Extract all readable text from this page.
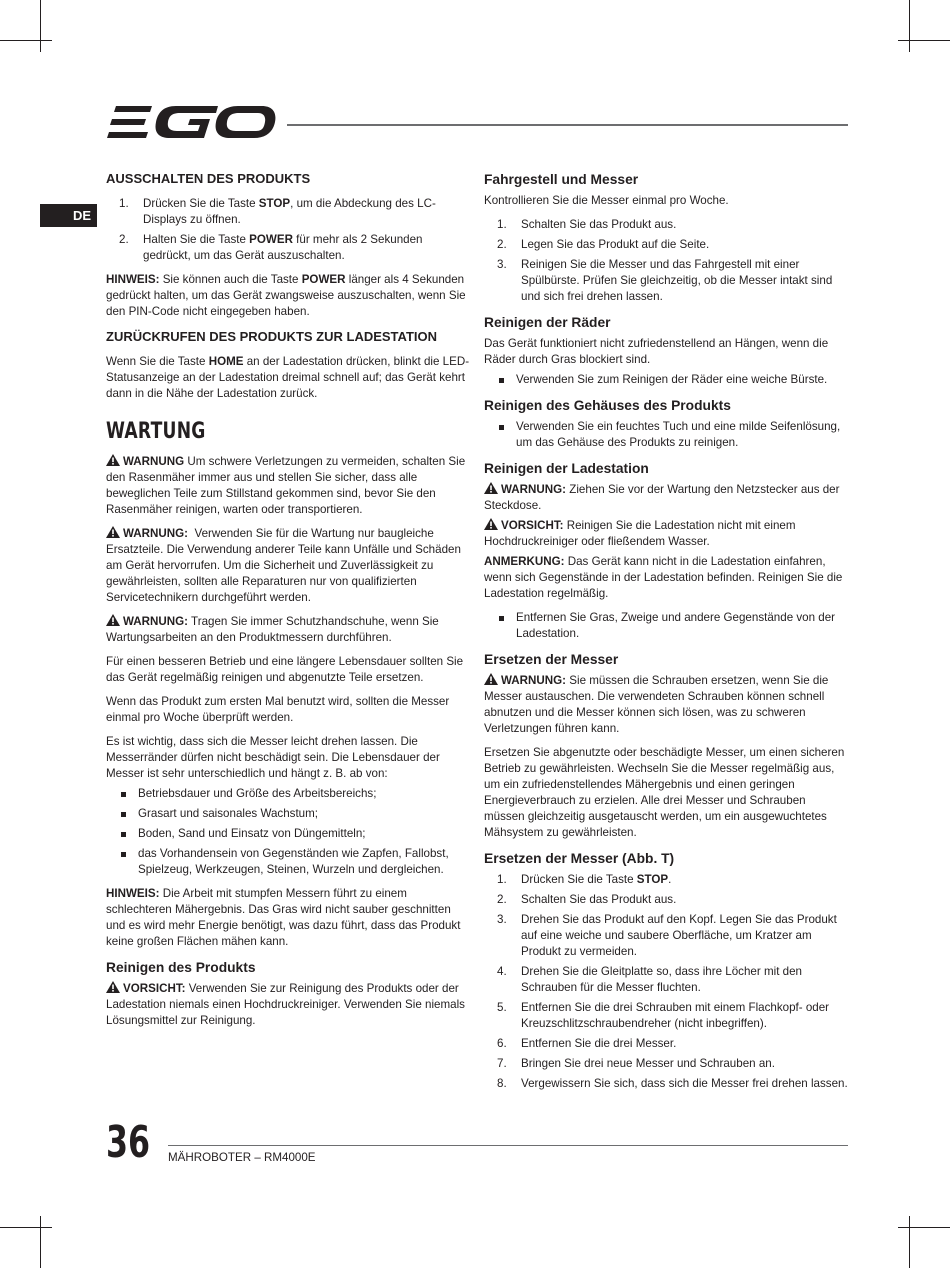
DE
AUSSCHALTEN DES PRODUKTS
1. Drücken Sie die Taste STOP, um die Abdeckung des LC-Displays zu öffnen.
2. Halten Sie die Taste POWER für mehr als 2 Sekunden gedrückt, um das Gerät auszuschalten.

HINWEIS: Sie können auch die Taste POWER länger als 4 Sekunden gedrückt halten, um das Gerät zwangsweise auszuschalten, wenn Sie den PIN-Code nicht eingegeben haben.

ZURÜCKRUFEN DES PRODUKTS ZUR LADESTATION

Wenn Sie die Taste HOME an der Ladestation drücken, blinkt die LED-Statusanzeige an der Ladestation dreimal schnell auf; das Gerät kehrt dann in die Nähe der Ladestation zurück.

WARTUNG

WARNUNG Um schwere Verletzungen zu vermeiden, schalten Sie den Rasenmäher immer aus und stellen Sie sicher, dass alle beweglichen Teile zum Stillstand gekommen sind, bevor Sie den Rasenmäher reinigen, warten oder transportieren.

WARNUNG:  Verwenden Sie für die Wartung nur baugleiche Ersatzteile. Die Verwendung anderer Teile kann Unfälle und Schäden am Gerät hervorrufen. Um die Sicherheit und Zuverlässigkeit zu gewährleisten, sollten alle Reparaturen nur von qualifizierten Servicetechnikern durchgeführt werden.

WARNUNG: Tragen Sie immer Schutzhandschuhe, wenn Sie Wartungsarbeiten an den Produktmessern durchführen.

Für einen besseren Betrieb und eine längere Lebensdauer sollten Sie das Gerät regelmäßig reinigen und abgenutzte Teile ersetzen.

Wenn das Produkt zum ersten Mal benutzt wird, sollten die Messer einmal pro Woche überprüft werden.

Es ist wichtig, dass sich die Messer leicht drehen lassen. Die Messerränder dürfen nicht beschädigt sein. Die Lebensdauer der Messer ist sehr unterschiedlich und hängt z. B. ab von:

Betriebsdauer und Größe des Arbeitsbereichs;
Grasart und saisonales Wachstum;
Boden, Sand und Einsatz von Düngemitteln;
das Vorhandensein von Gegenständen wie Zapfen, Fallobst, Spielzeug, Werkzeugen, Steinen, Wurzeln und dergleichen.

HINWEIS: Die Arbeit mit stumpfen Messern führt zu einem schlechteren Mähergebnis. Das Gras wird nicht sauber geschnitten und es wird mehr Energie benötigt, was dazu führt, dass das Produkt keine großen Flächen mähen kann.

Reinigen des Produkts

VORSICHT: Verwenden Sie zur Reinigung des Produkts oder der Ladestation niemals einen Hochdruckreiniger. Verwenden Sie niemals Lösungsmittel zur Reinigung.

Fahrgestell und Messer

Kontrollieren Sie die Messer einmal pro Woche.

1. Schalten Sie das Produkt aus.
2. Legen Sie das Produkt auf die Seite.
3. Reinigen Sie die Messer und das Fahrgestell mit einer Spülbürste. Prüfen Sie gleichzeitig, ob die Messer intakt sind und sich frei drehen lassen.
Reinigen der Räder

Das Gerät funktioniert nicht zufriedenstellend an Hängen, wenn die Räder durch Gras blockiert sind.

Verwenden Sie zum Reinigen der Räder eine weiche Bürste.
Reinigen des Gehäuses des Produkts
Verwenden Sie ein feuchtes Tuch und eine milde Seifenlösung, um das Gehäuse des Produkts zu reinigen.
Reinigen der Ladestation

WARNUNG: Ziehen Sie vor der Wartung den Netzstecker aus der Steckdose.

VORSICHT: Reinigen Sie die Ladestation nicht mit einem Hochdruckreiniger oder fließendem Wasser.

ANMERKUNG: Das Gerät kann nicht in die Ladestation einfahren, wenn sich Gegenstände in der Ladestation befinden. Reinigen Sie die Ladestation regelmäßig.

Entfernen Sie Gras, Zweige und andere Gegenstände von der Ladestation.
Ersetzen der Messer

WARNUNG: Sie müssen die Schrauben ersetzen, wenn Sie die Messer austauschen. Die verwendeten Schrauben können schnell abnutzen und die Messer können sich lösen, was zu schweren Verletzungen führen kann.

Ersetzen Sie abgenutzte oder beschädigte Messer, um einen sicheren Betrieb zu gewährleisten. Wechseln Sie die Messer regelmäßig aus, um ein zufriedenstellendes Mähergebnis und einen geringen Energieverbrauch zu erzielen. Alle drei Messer und Schrauben müssen gleichzeitig ausgetauscht werden, um ein ausgewuchtetes Mähsystem zu gewährleisten.

Ersetzen der Messer (Abb. T)
1. Drücken Sie die Taste STOP.
2. Schalten Sie das Produkt aus.
3. Drehen Sie das Produkt auf den Kopf. Legen Sie das Produkt auf eine weiche und saubere Oberfläche, um Kratzer am Produkt zu vermeiden.
4. Drehen Sie die Gleitplatte so, dass ihre Löcher mit den Schrauben für die Messer fluchten.
5. Entfernen Sie die drei Schrauben mit einem Flachkopf- oder Kreuzschlitzschraubendreher (nicht inbegriffen).
6. Entfernen Sie die drei Messer.
7. Bringen Sie drei neue Messer und Schrauben an.
8. Vergewissern Sie sich, dass sich die Messer frei drehen lassen.
36 MÄHROBOTER – RM4000E
